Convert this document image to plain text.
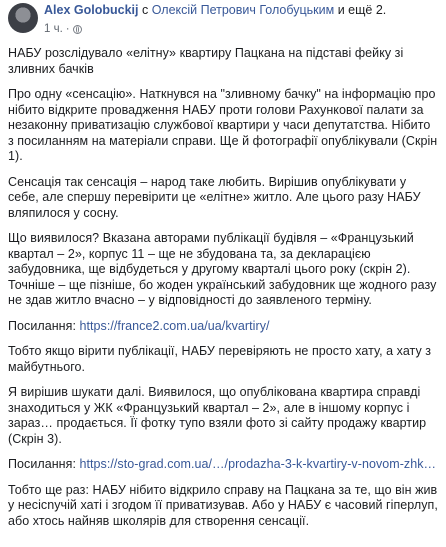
Alex Golobuckij с Олексій Петрович Голобуцьким и ещё 2.
1 ч. ·

НАБУ розслідувало «елітну» квартиру Пацкана на підставі фейку зі зливних бачків

Про одну «сенсацію». Наткнувся на "зливному бачку" на інформацію про нібито відкрите провадження НАБУ проти голови Рахункової палати за незаконну приватизацію службової квартири у часи депутатства. Нібито з посиланням на матеріали справи. Ще й фотографії опублікували (Скрін 1).

Сенсація так сенсація – народ таке любить. Вирішив опублікувати у себе, але спершу перевірити це «елітне» житло. Але цього разу НАБУ вляпилося у сосну.

Що виявилося? Вказана авторами публікації будівля – «Французький квартал – 2», корпус 11 – ще не збудована та, за декларацією забудовника, ще відбудеться у другому кварталі цього року (скрін 2). Точніше – ще пізніше, бо жоден український забудовник ще жодного разу не здав житло вчасно – у відповідності до заявленого терміну.

Посилання: https://france2.com.ua/ua/kvartiry/

Тобто якщо вірити публікації, НАБУ перевіряють не просто хату, а хату з майбутнього.

Я вирішив шукати далі. Виявилося, що опублікована квартира справді знаходиться у ЖК «Французький квартал – 2», але в іншому корпус і зараз… продається. Її фотку тупо взяли фото зі сайту продажу квартир (Скрін 3).

Посилання: https://sto-grad.com.ua/…/prodazha-3-k-kvartiry-v-novom-zhk…

Тобто ще раз: НАБУ нібито відкрило справу на Пацкана за те, що він жив у несісnучій хаті і згодом її приватизував. Або у НАБУ є часовий гіперлуп, або хтось найняв школярів для створення сенсації.
